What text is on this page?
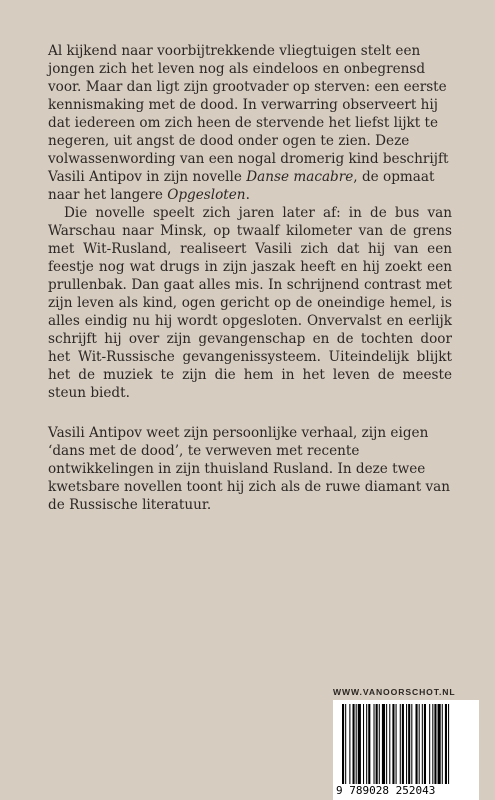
Al kijkend naar voorbijtrekkende vliegtuigen stelt een jongen zich het leven nog als eindeloos en onbegrensd voor. Maar dan ligt zijn grootvader op sterven: een eerste kennismaking met de dood. In verwarring observeert hij dat iedereen om zich heen de stervende het liefst lijkt te negeren, uit angst de dood onder ogen te zien. Deze volwassenwording van een nogal dromerig kind beschrijft Vasili Antipov in zijn novelle Danse macabre, de opmaat naar het langere Opgesloten.

Die novelle speelt zich jaren later af: in de bus van Warschau naar Minsk, op twaalf kilometer van de grens met Wit-Rusland, realiseert Vasili zich dat hij van een feestje nog wat drugs in zijn jaszak heeft en hij zoekt een prullenbak. Dan gaat alles mis. In schrijnend contrast met zijn leven als kind, ogen gericht op de oneindige hemel, is alles eindig nu hij wordt opgesloten. Onvervalst en eerlijk schrijft hij over zijn gevangenschap en de tochten door het Wit-Russische gevangenissysteem. Uiteindelijk blijkt het de muziek te zijn die hem in het leven de meeste steun biedt.

Vasili Antipov weet zijn persoonlijke verhaal, zijn eigen ‘dans met de dood’, te verweven met recente ontwikkelingen in zijn thuisland Rusland. In deze twee kwetsbare novellen toont hij zich als de ruwe diamant van de Russische literatuur.

WWW.VANOORSCHOT.NL
9 789028 252043
